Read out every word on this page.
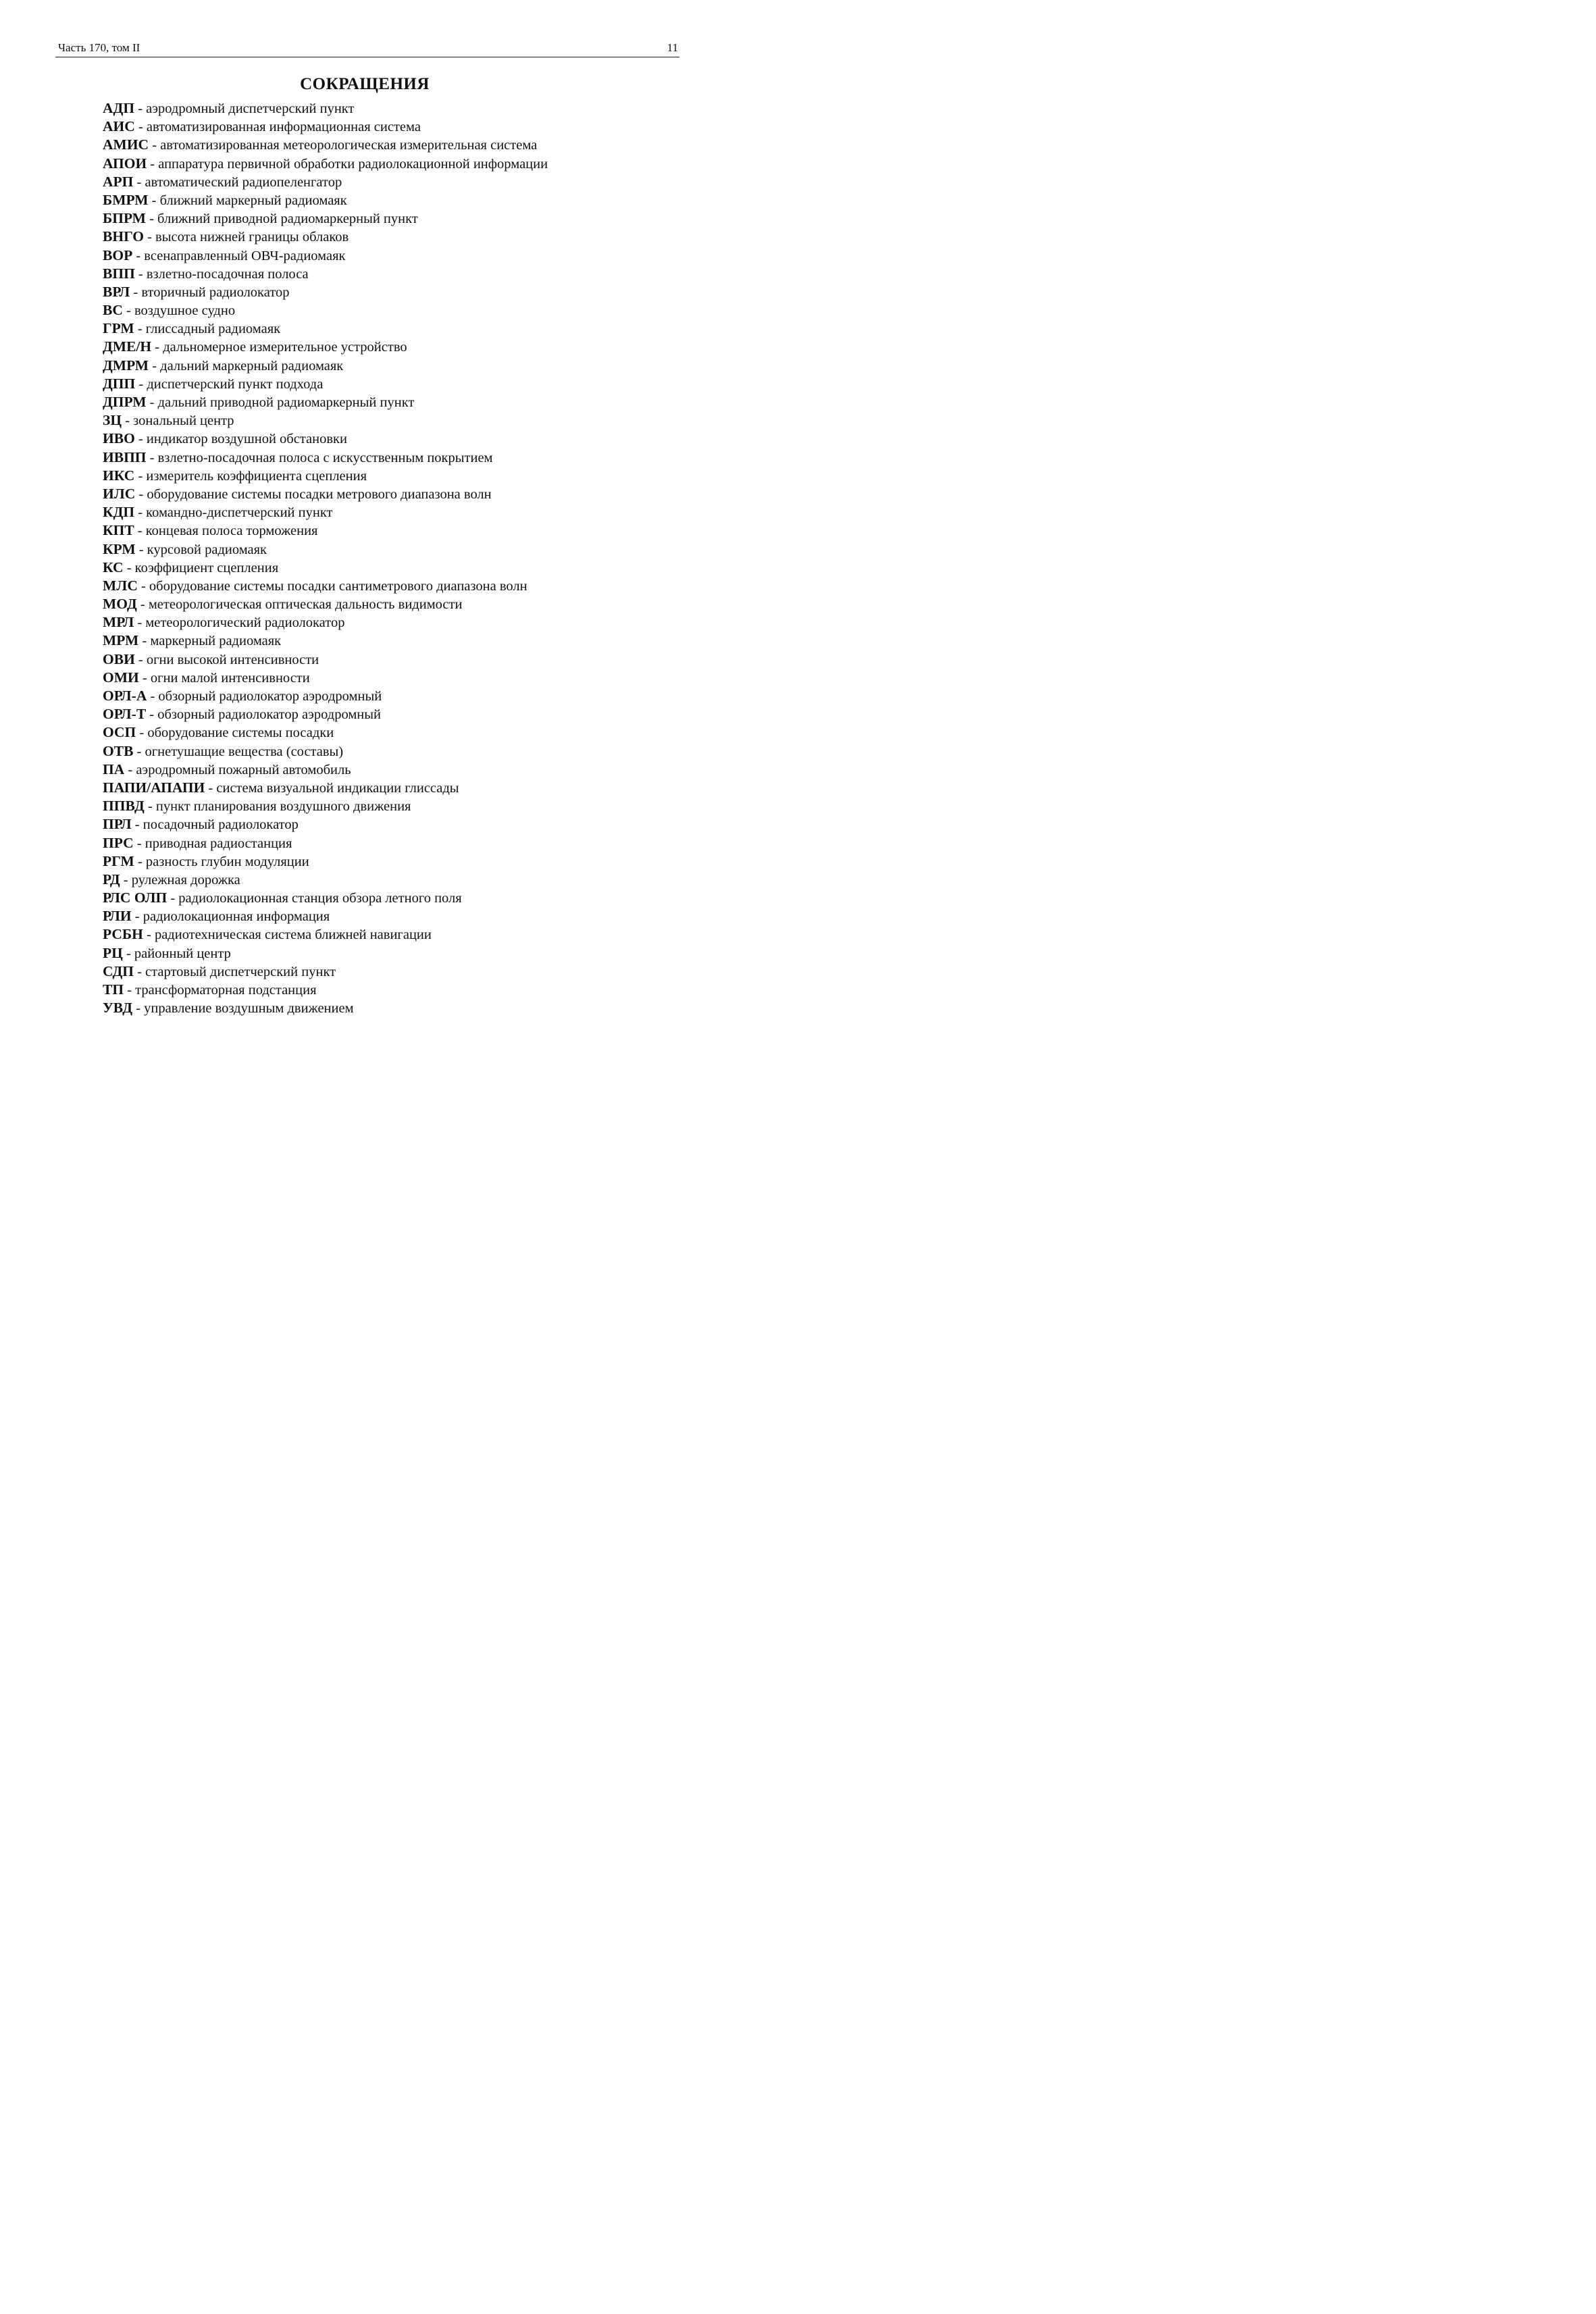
Часть 170, том II	11
СОКРАЩЕНИЯ
АДП - аэродромный диспетчерский пункт
АИС - автоматизированная информационная система
АМИС - автоматизированная метеорологическая измерительная система
АПОИ - аппаратура первичной обработки радиолокационной информации
АРП - автоматический радиопеленгатор
БМРМ - ближний маркерный радиомаяк
БПРМ - ближний приводной радиомаркерный пункт
ВНГО - высота нижней границы облаков
ВОР - всенаправленный ОВЧ-радиомаяк
ВПП - взлетно-посадочная полоса
ВРЛ - вторичный радиолокатор
ВС - воздушное судно
ГРМ - глиссадный радиомаяк
ДМЕ/Н - дальномерное измерительное устройство
ДМРМ - дальний маркерный радиомаяк
ДПП - диспетчерский пункт подхода
ДПРМ - дальний приводной радиомаркерный пункт
ЗЦ - зональный центр
ИВО - индикатор воздушной обстановки
ИВПП - взлетно-посадочная полоса с искусственным покрытием
ИКС - измеритель коэффициента сцепления
ИЛС - оборудование системы посадки метрового диапазона волн
КДП - командно-диспетчерский пункт
КПТ - концевая полоса торможения
КРМ - курсовой радиомаяк
КС - коэффициент сцепления
МЛС - оборудование системы посадки сантиметрового диапазона волн
МОД - метеорологическая оптическая дальность видимости
МРЛ - метеорологический радиолокатор
МРМ - маркерный радиомаяк
ОВИ - огни высокой интенсивности
ОМИ - огни малой интенсивности
ОРЛ-А - обзорный радиолокатор аэродромный
ОРЛ-Т - обзорный радиолокатор аэродромный
ОСП - оборудование системы посадки
ОТВ - огнетушащие вещества (составы)
ПА - аэродромный пожарный автомобиль
ПАПИ/АПАПИ - система визуальной индикации глиссады
ППВД - пункт планирования воздушного движения
ПРЛ - посадочный радиолокатор
ПРС - приводная радиостанция
РГМ - разность глубин модуляции
РД - рулежная дорожка
РЛС ОЛП - радиолокационная станция обзора летного поля
РЛИ - радиолокационная информация
РСБН - радиотехническая система ближней навигации
РЦ - районный центр
СДП - стартовый диспетчерский пункт
ТП - трансформаторная подстанция
УВД - управление воздушным движением
